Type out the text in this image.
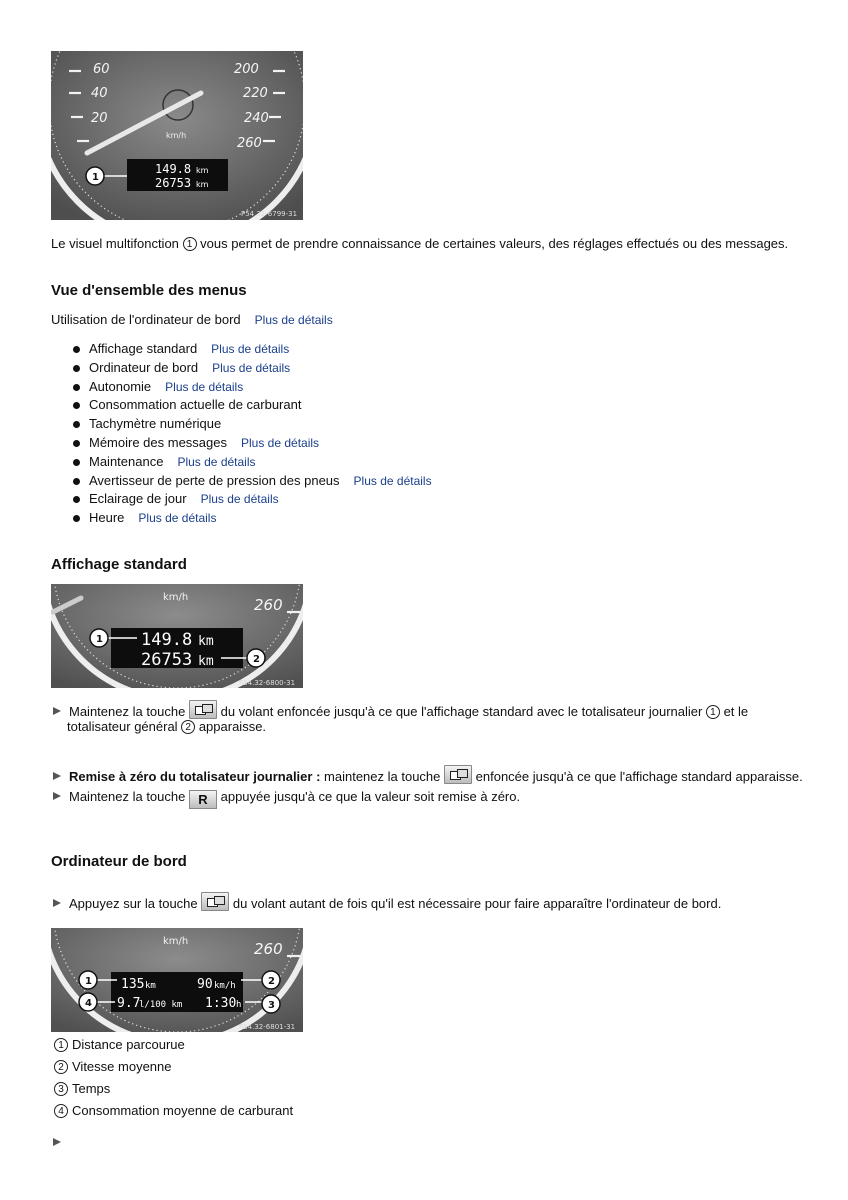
60
40
20
200
220
240
260
km/h
149.8 km
26753 km
1
P54.32-6799-31
Le visuel multifonction 1 vous permet de prendre connaissance de certaines valeurs, des réglages effectués ou des messages.
Vue d'ensemble des menus
Utilisation de l'ordinateur de bord Plus de détails
Affichage standard Plus de détails
Ordinateur de bord Plus de détails
Autonomie Plus de détails
Consommation actuelle de carburant
Tachymètre numérique
Mémoire des messages Plus de détails
Maintenance Plus de détails
Avertisseur de perte de pression des pneus Plus de détails
Eclairage de jour Plus de détails
Heure Plus de détails
Affichage standard
km/h	260
149.8 km
26753 km
1
2
P54.32-6800-31
Maintenez la touche	du volant enfoncée jusqu'à ce que l'affichage standard avec le totalisateur journalier 1 et le
totalisateur général 2 apparaisse.
Remise à zéro du totalisateur journalier : maintenez la touche	enfoncée jusqu'à ce que l'affichage standard apparaisse.
Maintenez la touche R appuyée jusqu'à ce que la valeur soit remise à zéro.
Ordinateur de bord
Appuyez sur la touche	du volant autant de fois qu'il est nécessaire pour faire apparaître l'ordinateur de bord.
km/h	260
135 km	90 km/h
9.7
l/100 km 1:30 h
1
4
2
3
P54.32-6801-31
1 Distance parcourue
2 Vitesse moyenne
3 Temps
4 Consommation moyenne de carburant
